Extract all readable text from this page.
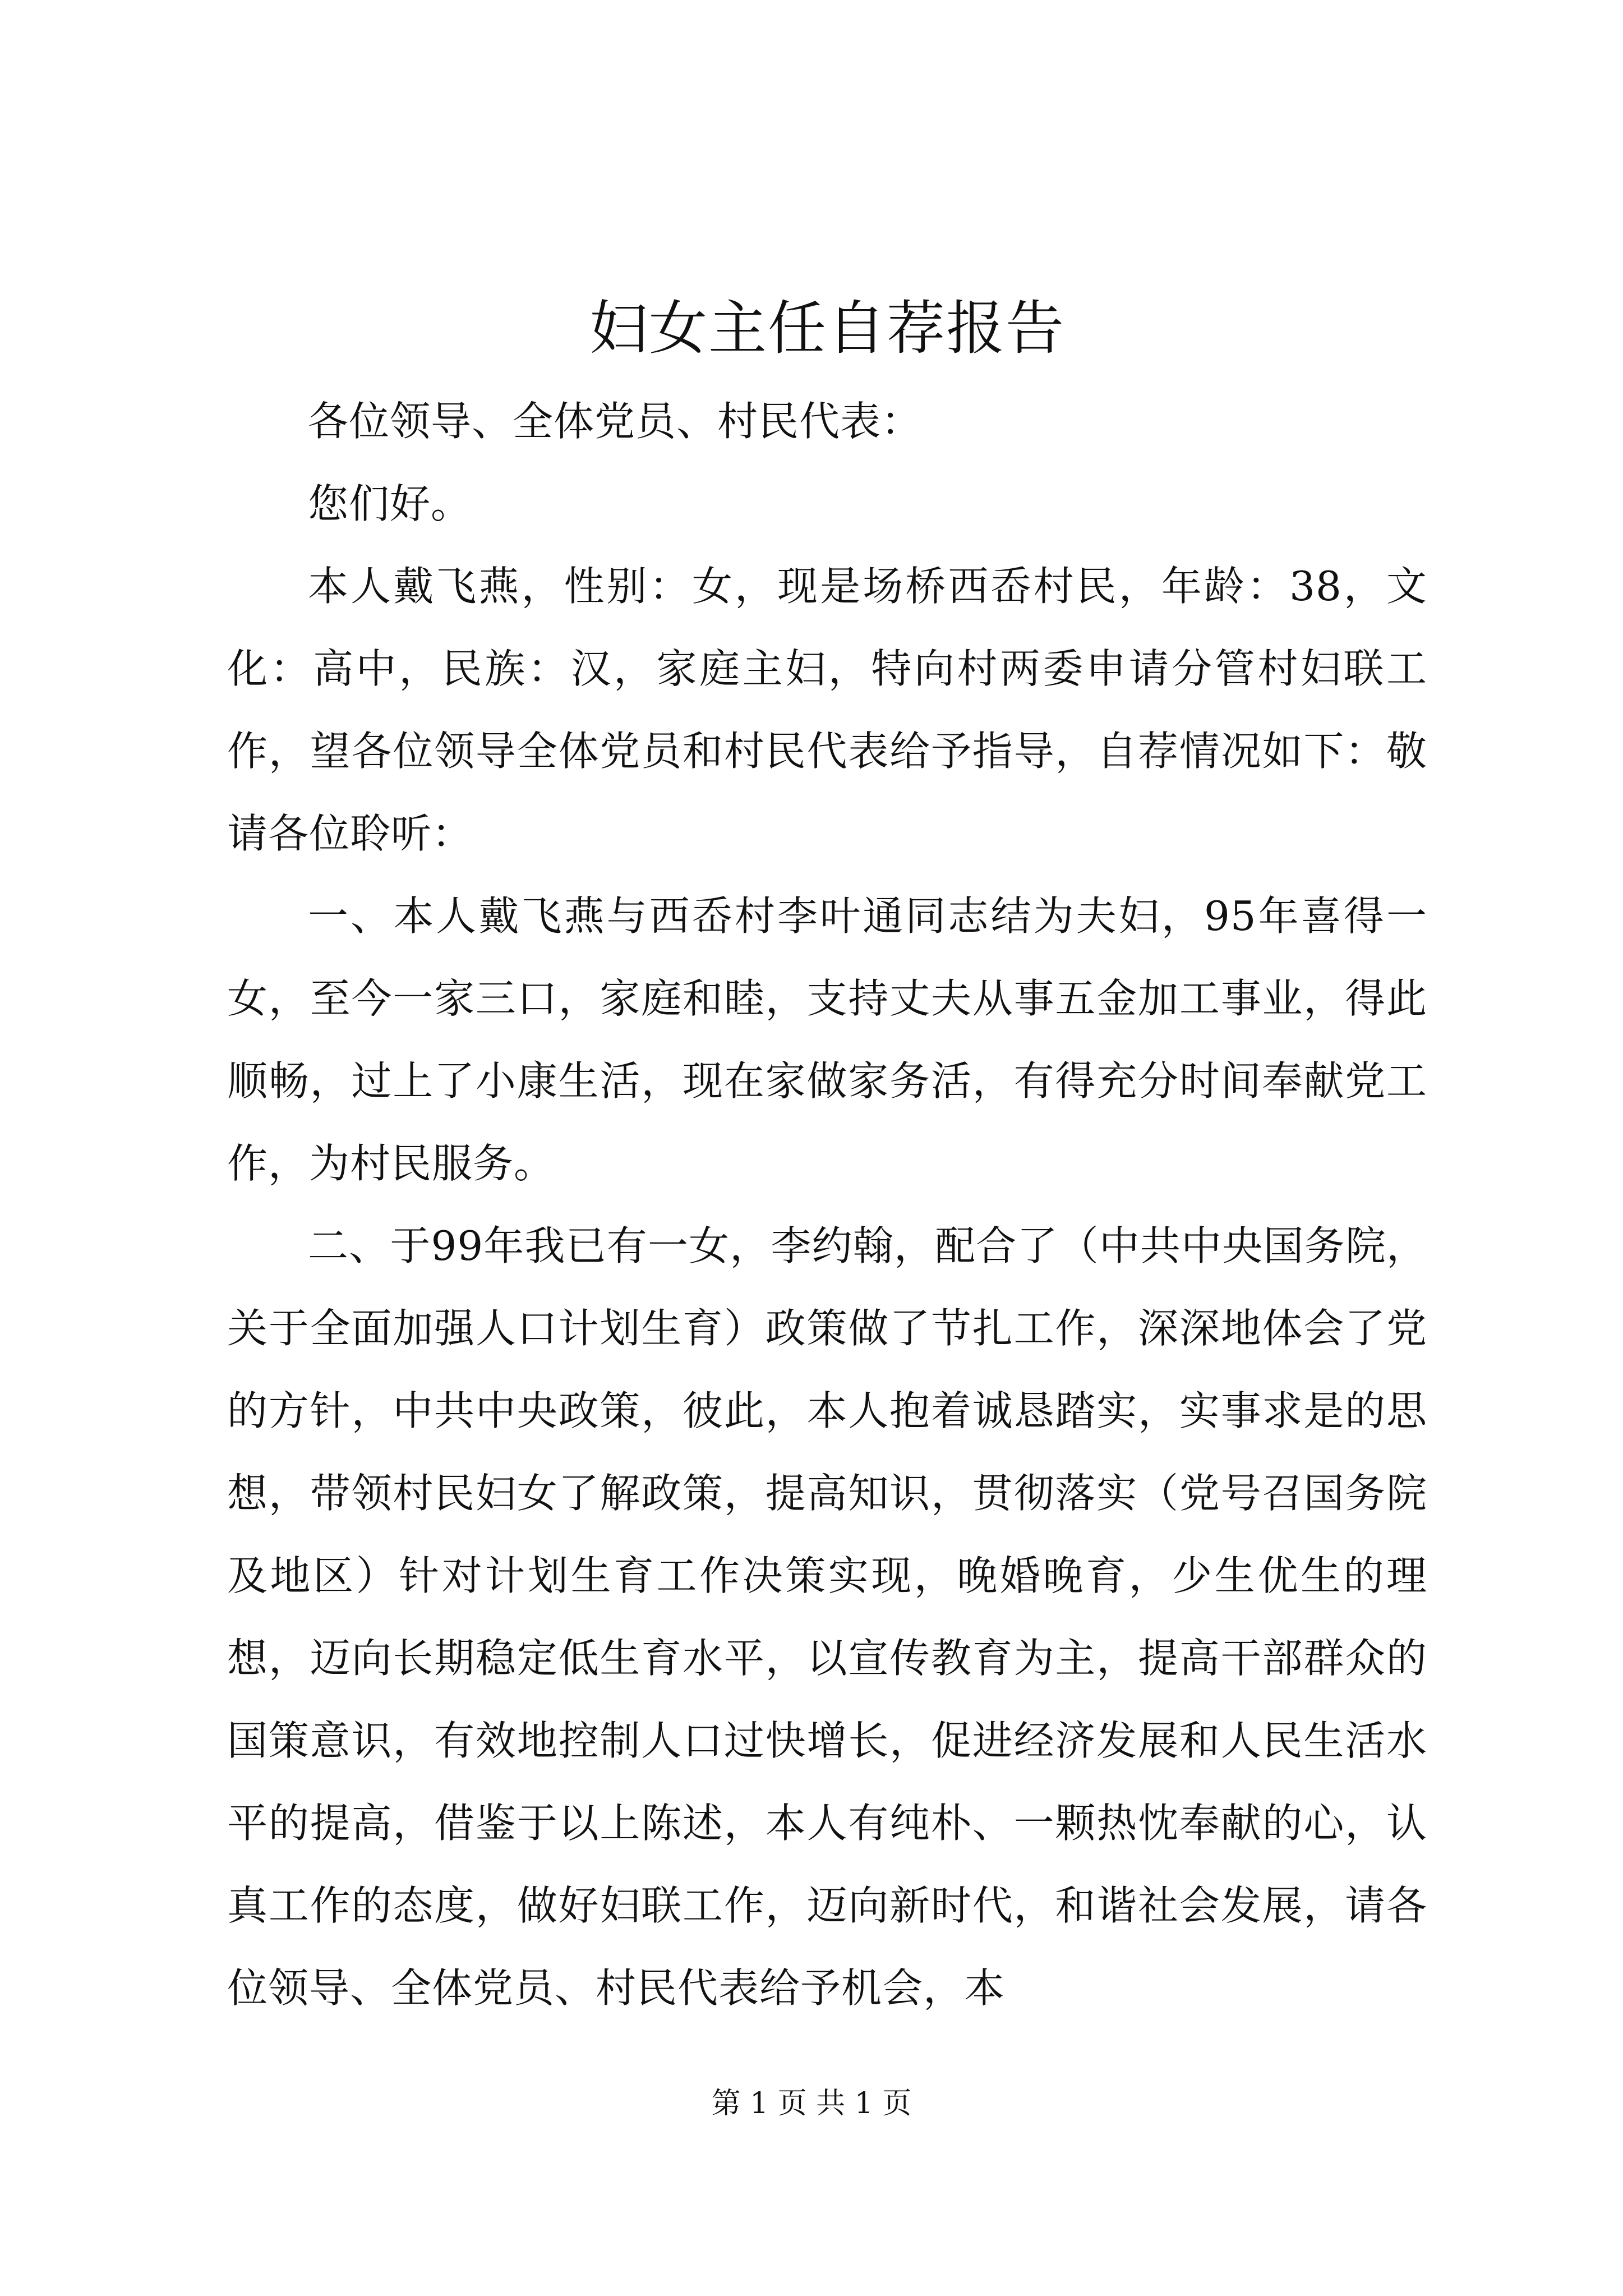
妇女主任自荐报告

各位领导、全体党员、村民代表：

您们好。

本人戴飞燕，性别：女，现是场桥西岙村民，年龄：38，文化：高中，民族：汉，家庭主妇，特向村两委申请分管村妇联工作，望各位领导全体党员和村民代表给予指导，自荐情况如下：敬请各位聆听：

一、本人戴飞燕与西岙村李叶通同志结为夫妇，95年喜得一女，至今一家三口，家庭和睦，支持丈夫从事五金加工事业，得此顺畅，过上了小康生活，现在家做家务活，有得充分时间奉献党工作，为村民服务。

二、于99年我已有一女，李约翰，配合了（中共中央国务院，关于全面加强人口计划生育）政策做了节扎工作，深深地体会了党的方针，中共中央政策，彼此，本人抱着诚恳踏实，实事求是的思想，带领村民妇女了解政策，提高知识，贯彻落实（党号召国务院及地区）针对计划生育工作决策实现，晚婚晚育，少生优生的理想，迈向长期稳定低生育水平，以宣传教育为主，提高干部群众的国策意识，有效地控制人口过快增长，促进经济发展和人民生活水平的提高，借鉴于以上陈述，本人有纯朴、一颗热忱奉献的心，认真工作的态度，做好妇联工作，迈向新时代，和谐社会发展，请各位领导、全体党员、村民代表给予机会，本

第 1 页 共 1 页
